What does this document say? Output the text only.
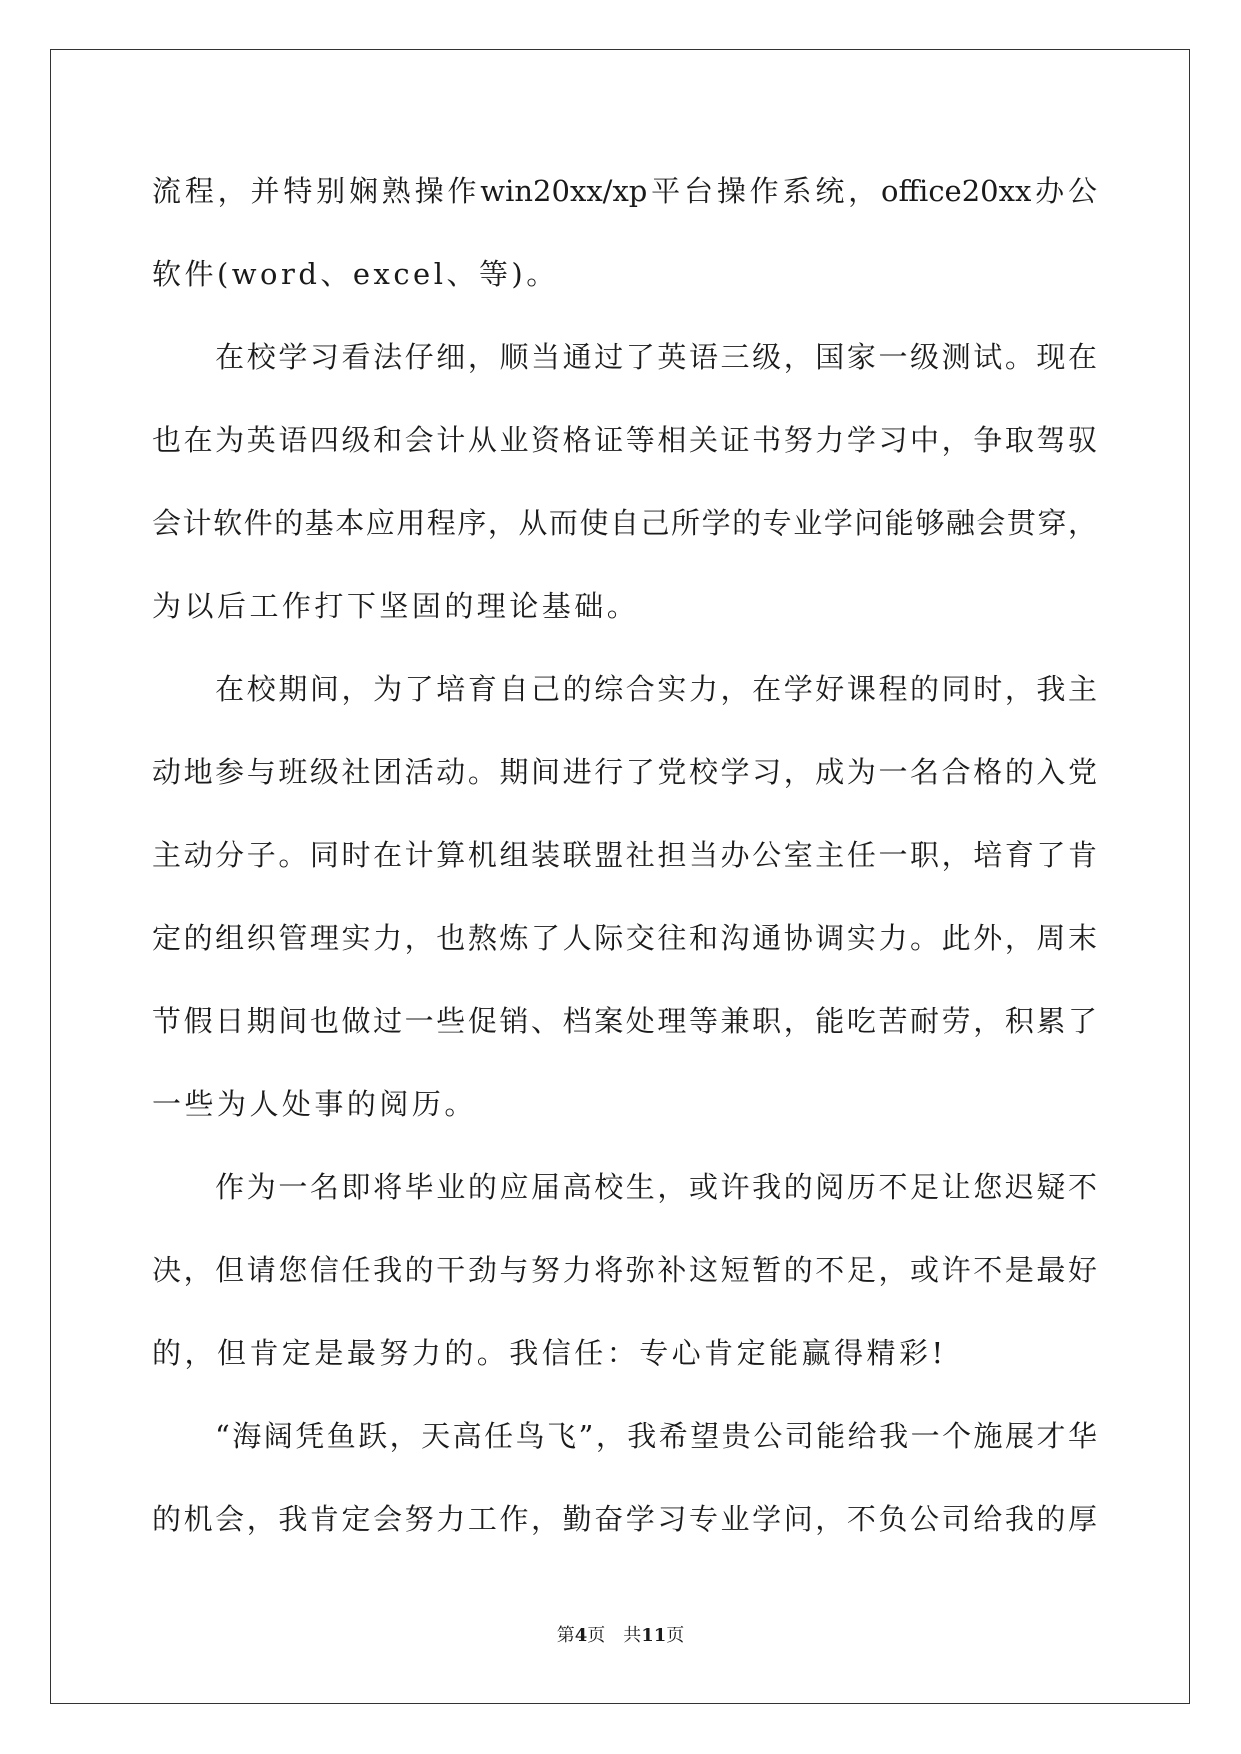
流程，并特别娴熟操作win20xx/xp平台操作系统，office20xx办公
软件(word、excel、等)。
　　在校学习看法仔细，顺当通过了英语三级，国家一级测试。现在
也在为英语四级和会计从业资格证等相关证书努力学习中，争取驾驭
会计软件的基本应用程序，从而使自己所学的专业学问能够融会贯穿，
为以后工作打下坚固的理论基础。
　　在校期间，为了培育自己的综合实力，在学好课程的同时，我主
动地参与班级社团活动。期间进行了党校学习，成为一名合格的入党
主动分子。同时在计算机组装联盟社担当办公室主任一职，培育了肯
定的组织管理实力，也熬炼了人际交往和沟通协调实力。此外，周末
节假日期间也做过一些促销、档案处理等兼职，能吃苦耐劳，积累了
一些为人处事的阅历。
　　作为一名即将毕业的应届高校生，或许我的阅历不足让您迟疑不
决，但请您信任我的干劲与努力将弥补这短暂的不足，或许不是最好
的，但肯定是最努力的。我信任：专心肯定能赢得精彩!
　　“海阔凭鱼跃，天高任鸟飞”，我希望贵公司能给我一个施展才华
的机会，我肯定会努力工作，勤奋学习专业学问，不负公司给我的厚
第4页　共11页
